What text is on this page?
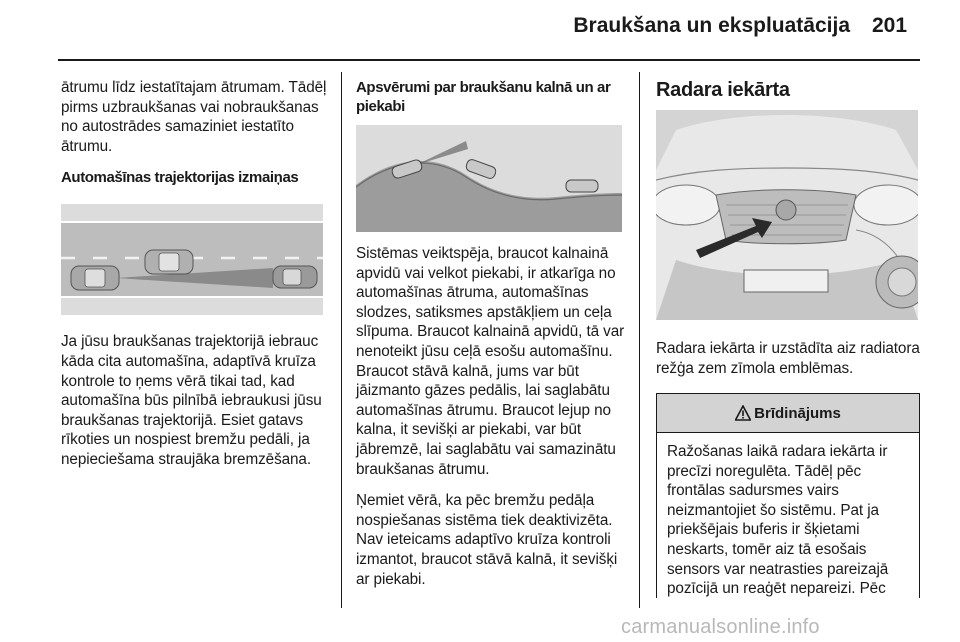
Braukšana un ekspluatācija 201

ātrumu līdz iestatītajam ātrumam. Tādēļ pirms uzbraukšanas vai nobraukšanas no autostrādes samaziniet iestatīto ātrumu.

Automašīnas trajektorijas izmaiņas

Ja jūsu braukšanas trajektorijā iebrauc kāda cita automašīna, adaptīvā kruīza kontrole to ņems vērā tikai tad, kad automašīna būs pilnībā iebraukusi jūsu braukšanas trajektorijā. Esiet gatavs rīkoties un nospiest bremžu pedāli, ja nepieciešama straujāka bremzēšana.

Apsvērumi par braukšanu kalnā un ar piekabi

Sistēmas veiktspēja, braucot kalnainā apvidū vai velkot piekabi, ir atkarīga no automašīnas ātruma, automašīnas slodzes, satiksmes apstākļiem un ceļa slīpuma. Braucot kalnainā apvidū, tā var nenoteikt jūsu ceļā esošu automašīnu. Braucot stāvā kalnā, jums var būt jāizmanto gāzes pedālis, lai saglabātu automašīnas ātrumu. Braucot lejup no kalna, it sevišķi ar piekabi, var būt jābremzē, lai saglabātu vai samazinātu braukšanas ātrumu.

Ņemiet vērā, ka pēc bremžu pedāļa nospiešanas sistēma tiek deaktivizēta. Nav ieteicams adaptīvo kruīza kontroli izmantot, braucot stāvā kalnā, it sevišķi ar piekabi.

Radara iekārta

Radara iekārta ir uzstādīta aiz radiatora režģa zem zīmola emblēmas.

Brīdinājums

Ražošanas laikā radara iekārta ir precīzi noregulēta. Tādēļ pēc frontālas sadursmes vairs neizmantojiet šo sistēmu. Pat ja priekšējais buferis ir šķietami neskarts, tomēr aiz tā esošais sensors var neatrasties pareizajā pozīcijā un reaģēt nepareizi. Pēc

carmanualsonline.info
